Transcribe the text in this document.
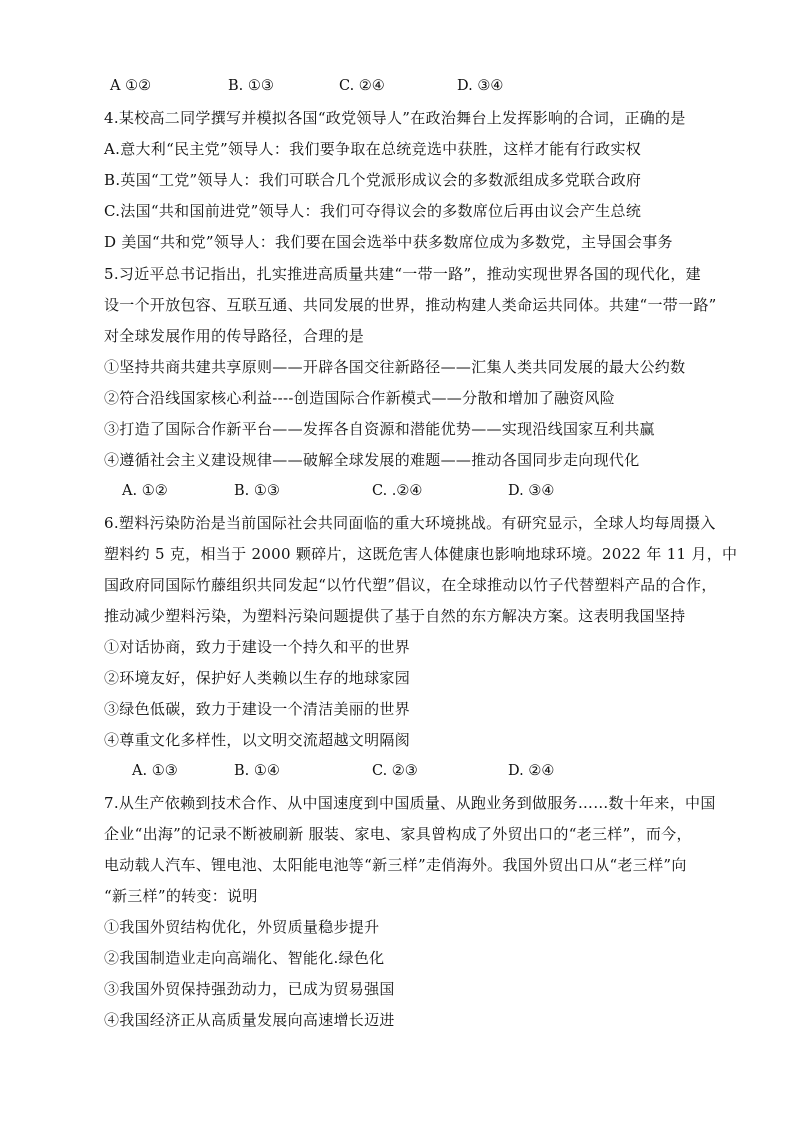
A ①②	B. ①③	C. ②④	D. ③④
4.某校高二同学撰写并模拟各国“政党领导人”在政治舞台上发挥影响的合词，正确的是
A.意大利“民主党”领导人：我们要争取在总统竞选中获胜，这样才能有行政实权
B.英国“工党”领导人：我们可联合几个党派形成议会的多数派组成多党联合政府
C.法国“共和国前进党”领导人：我们可夺得议会的多数席位后再由议会产生总统
D 美国“共和党”领导人：我们要在国会选举中获多数席位成为多数党，主导国会事务
5.习近平总书记指出，扎实推进高质量共建“一带一路”，推动实现世界各国的现代化，建
设一个开放包容、互联互通、共同发展的世界，推动构建人类命运共同体。共建“一带一路”
对全球发展作用的传导路径，合理的是
①坚持共商共建共享原则——开辟各国交往新路径——汇集人类共同发展的最大公约数
②符合沿线国家核心利益----创造国际合作新模式——分散和增加了融资风险
③打造了国际合作新平台——发挥各自资源和潜能优势——实现沿线国家互利共赢
④遵循社会主义建设规律——破解全球发展的难题——推动各国同步走向现代化
A. ①②	B. ①③	C. .②④	D. ③④
6.塑料污染防治是当前国际社会共同面临的重大环境挑战。有研究显示，全球人均每周摄入
塑料约 5 克，相当于 2000 颗碎片，这既危害人体健康也影响地球环境。2022 年 11 月，中
国政府同国际竹藤组织共同发起“以竹代塑”倡议，在全球推动以竹子代替塑料产品的合作，
推动减少塑料污染，为塑料污染问题提供了基于自然的东方解决方案。这表明我国坚持
①对话协商，致力于建设一个持久和平的世界
②环境友好，保护好人类赖以生存的地球家园
③绿色低碳，致力于建设一个清洁美丽的世界
④尊重文化多样性，以文明交流超越文明隔阂
A. ①③	B. ①④	C. ②③	D. ②④
7.从生产依赖到技术合作、从中国速度到中国质量、从跑业务到做服务……数十年来，中国
企业“出海”的记录不断被刷新 服装、家电、家具曾构成了外贸出口的“老三样”，而今，
电动载人汽车、锂电池、太阳能电池等“新三样”走俏海外。我国外贸出口从“老三样”向
“新三样”的转变：说明
①我国外贸结构优化，外贸质量稳步提升
②我国制造业走向高端化、智能化.绿色化
③我国外贸保持强劲动力，已成为贸易强国
④我国经济正从高质量发展向高速增长迈进
